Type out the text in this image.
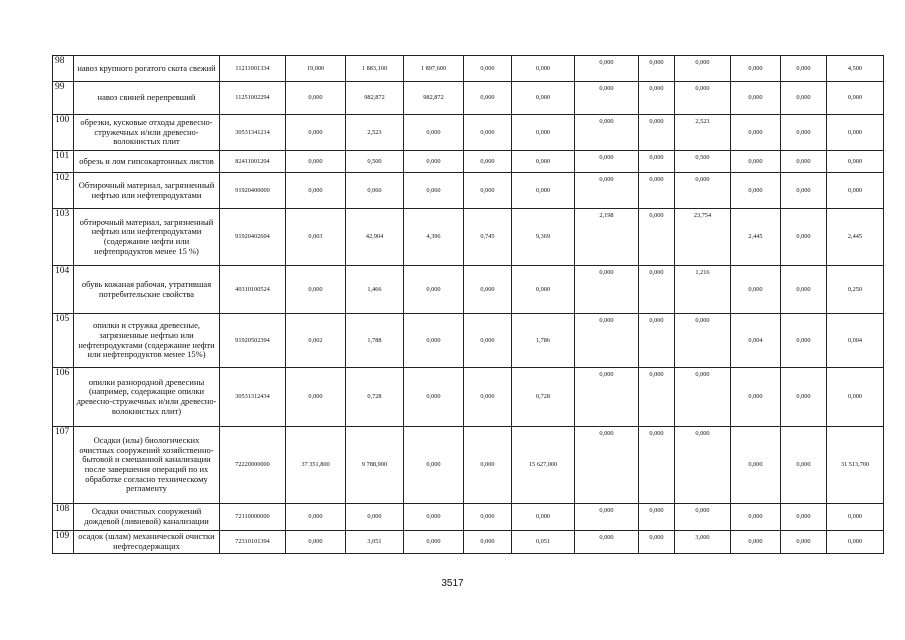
98	навоз крупного рогатого скота свежий	11211001334	19,000	1 883,100	1 897,600	0,000	0,000	0,000	0,000	0,000	0,000	0,000	4,500
99	навоз свиней перепревший	11251002294	0,000	982,872	982,872	0,000	0,000	0,000	0,000	0,000	0,000	0,000	0,000
100	обрезки, кусковые отходы древесно-стружечных и/или древесно-волокнистых плит	30531341214	0,000	2,523	0,000	0,000	0,000	0,000	0,000	2,523	0,000	0,000	0,000
101	обрезь и лом гипсокартонных листов	82411001204	0,000	0,500	0,000	0,000	0,000	0,000	0,000	0,500	0,000	0,000	0,000
102	Обтирочный материал, загрязненный нефтью или нефтепродуктами	91920400000	0,000	0,060	0,060	0,000	0,000	0,000	0,000	0,000	0,000	0,000	0,000
103	обтирочный материал, загрязненный нефтью или нефтепродуктами (содержание нефти или нефтепродуктов менее 15 %)	91920402604	0,003	42,904	4,396	0,745	9,369	2,198	0,000	23,754	2,445	0,000	2,445
104	обувь кожаная рабочая, утратившая потребительские свойства	40310100524	0,000	1,466	0,000	0,000	0,000	0,000	0,000	1,216	0,000	0,000	0,250
105	опилки и стружка древесные, загрязненные нефтью или нефтепродуктами (содержание нефти или нефтепродуктов менее 15%)	91920502394	0,002	1,788	0,000	0,000	1,786	0,000	0,000	0,000	0,004	0,000	0,004
106	опилки разнородной древесины (например, содержащие опилки древесно-стружечных и/или древесно-волокнистых плит)	30531312434	0,000	0,728	0,000	0,000	0,728	0,000	0,000	0,000	0,000	0,000	0,000
107	Осадки (илы) биологических очистных сооружений хозяйственно-бытовой и смешанной канализации после завершения операций по их обработке согласно техническому регламенту	72220000000	37 351,800	9 788,900	0,000	0,000	15 627,000	0,000	0,000	0,000	0,000	0,000	31 513,700
108	Осадки очистных сооружений дождевой (ливневой) канализации	72110000000	0,000	0,000	0,000	0,000	0,000	0,000	0,000	0,000	0,000	0,000	0,000
109	осадок (шлам) механической очистки нефтесодержащих	72310101394	0,000	3,051	0,000	0,000	0,051	0,000	0,000	3,000	0,000	0,000	0,000
3517
